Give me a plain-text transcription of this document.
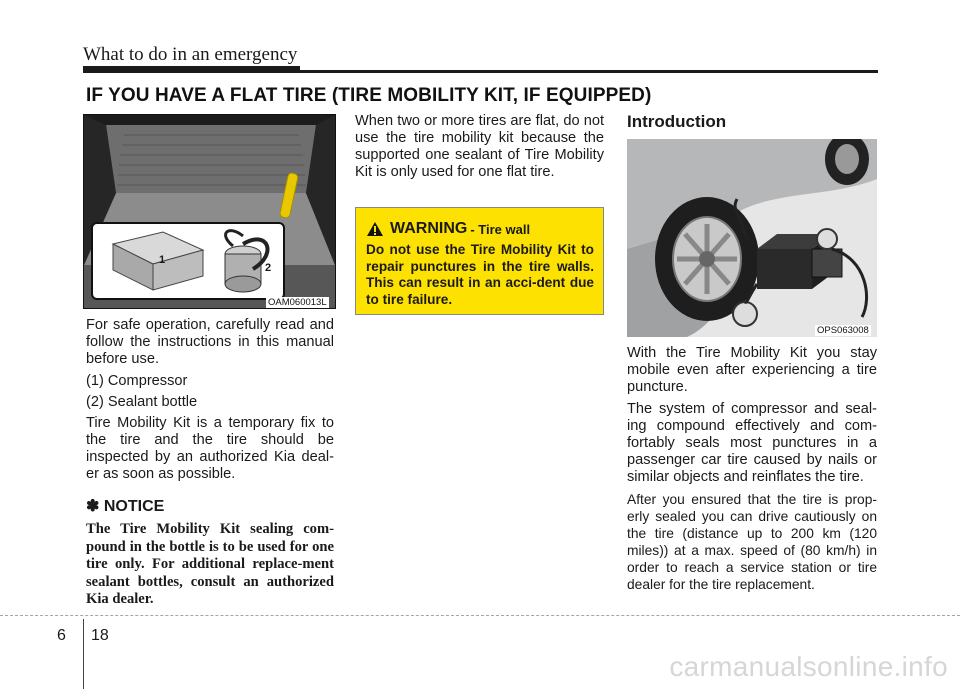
What to do in an emergency
IF YOU HAVE A FLAT TIRE (TIRE MOBILITY KIT, IF EQUIPPED)
1
2
OAM060013L

For safe operation, carefully read and follow the instructions in this manual before use.

(1) Compressor

(2) Sealant bottle

Tire Mobility Kit is a temporary fix to the tire and the tire should be inspected by an authorized Kia deal-er as soon as possible.

✽ NOTICE
The Tire Mobility Kit sealing com-pound in the bottle is to be used for one tire only. For additional replace-ment sealant bottles, consult an authorized Kia dealer.

When two or more tires are flat, do not use the tire mobility kit because the supported one sealant of Tire Mobility Kit is only used for one flat tire.

WARNING - Tire wall
Do not use the Tire Mobility Kit to repair punctures in the tire walls. This can result in an acci-dent due to tire failure.
Introduction
OPS063008

With the Tire Mobility Kit you stay mobile even after experiencing a tire puncture.

The system of compressor and seal-ing compound effectively and com-fortably seals most punctures in a passenger car tire caused by nails or similar objects and reinflates the tire.

After you ensured that the tire is prop-erly sealed you can drive cautiously on the tire (distance up to 200 km (120 miles)) at a max. speed of (80 km/h) in order to reach a service station or tire dealer for the tire replacement.

6 18
carmanualsonline.info
